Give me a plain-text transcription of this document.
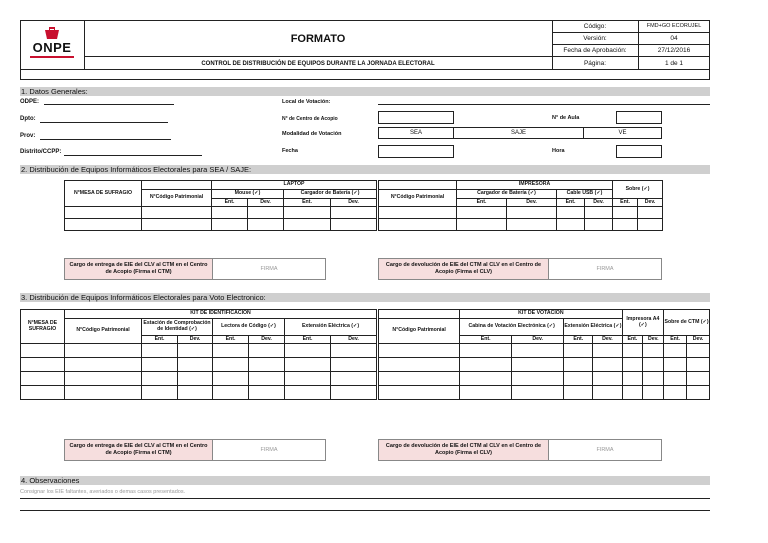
ONPE
FORMATO
CONTROL DE DISTRIBUCIÓN DE EQUIPOS DURANTE LA JORNADA ELECTORAL
Código:	FMD+GO ECORUJEL
Versión:	04
Fecha de Aprobación:	27/12/2016
Página:	1 de 1
1. Datos Generales:
ODPE:
Dpto:
Prov:
Distrito/CCPP:
Local de Votación:
N° de Centro de Acopio	N° de Aula
Modalidad de Votación	SEA	SAJE	VE
Fecha	Hora
2. Distribución de Equipos Informáticos Electorales para SEA / SAJE:
N°MESA DE SUFRAGIO		LAPTOP			
	N°Código Patrimonial	Mouse (✓)		Cargador de Batería (✓)	
		Ent.	Dev.	Ent.	Dev.

	IMPRESORA				Sobre (✓)	
N°Código Patrimonial	Cargador de Batería (✓)		Cable USB (✓)			
	Ent.	Dev.	Ent.	Dev.	Ent.	Dev.

Cargo de entrega de EIE del CLV al CTM en el Centro de Acopio (Firma el CTM)	FIRMA
Cargo de devolución de EIE del CTM al CLV en el Centro de Acopio (Firma el CLV)	FIRMA
3. Distribución de Equipos Informáticos Electorales para Voto Electronico:
N°MESA DE SUFRAGIO	KIT DE IDENTIFICACIÓN						
	N°Código Patrimonial	Estación de Comprobación de Identidad (✓)		Lectora de Código (✓)		Extensión Eléctrica (✓)	
		Ent.	Dev.	Ent.	Dev.	Ent.	Dev.

	KIT DE VOTACIÓN				Impresora A4 (✓)		Sobre de CTM (✓)	
N°Código Patrimonial	Cabina de Votación Electrónica (✓)		Extensión Eléctrica (✓)					
	Ent.	Dev.	Ent.	Dev.	Ent.	Dev.	Ent.	Dev.

Cargo de entrega de EIE del CLV al CTM en el Centro de Acopio (Firma el CTM)	FIRMA
Cargo de devolución de EIE del CTM al CLV en el Centro de Acopio (Firma el CLV)	FIRMA
4. Observaciones
Consignar los EIE faltantes, averiados o demas casos presentados.
